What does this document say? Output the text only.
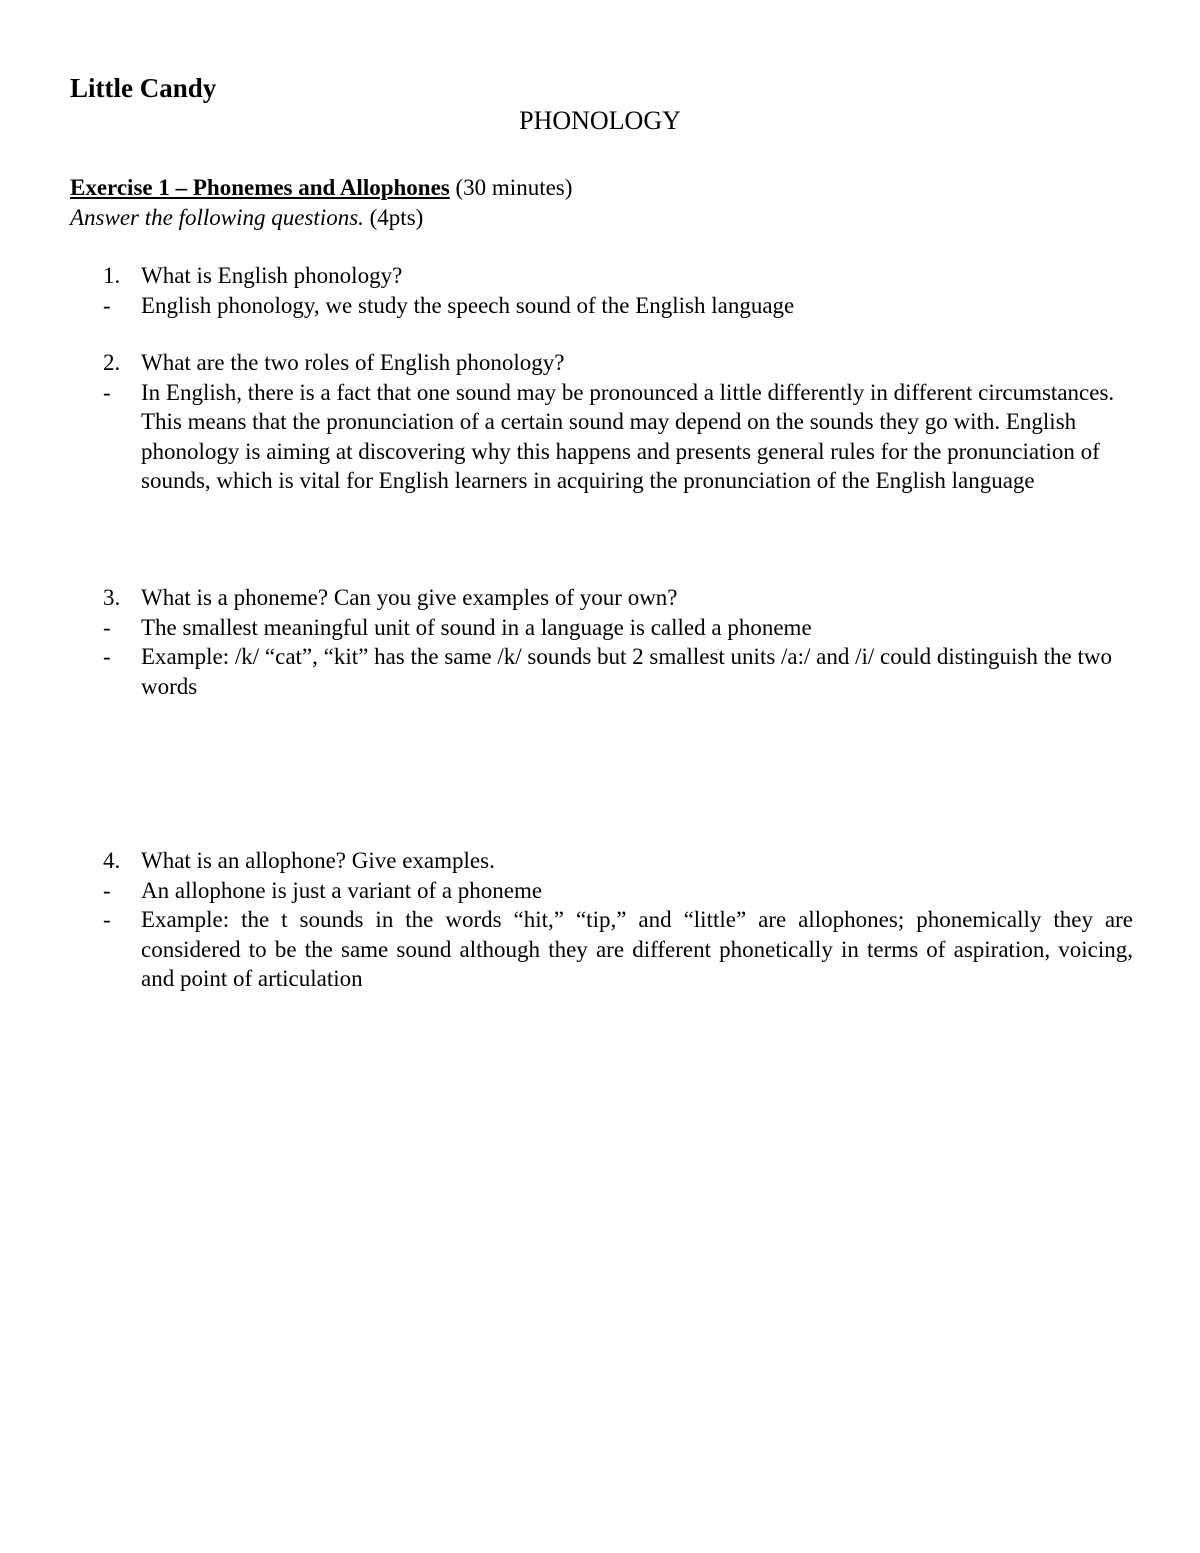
Little Candy
PHONOLOGY
Exercise 1 – Phonemes and Allophones (30 minutes)
Answer the following questions. (4pts)
1. What is English phonology?
-	English phonology, we study the speech sound of the English language
2. What are the two roles of English phonology?
-	In English, there is a fact that one sound may be pronounced a little differently in different circumstances. This means that the pronunciation of a certain sound may depend on the sounds they go with. English phonology is aiming at discovering why this happens and presents general rules for the pronunciation of sounds, which is vital for English learners in acquiring the pronunciation of the English language
3. What is a phoneme? Can you give examples of your own?
-	The smallest meaningful unit of sound in a language is called a phoneme
-	Example: /k/ “cat”, “kit” has the same /k/ sounds but 2 smallest units /a:/ and /i/ could distinguish the two words
4. What is an allophone? Give examples.
-	An allophone is just a variant of a phoneme
-	Example: the t sounds in the words “hit,” “tip,” and “little” are allophones; phonemically they are considered to be the same sound although they are different phonetically in terms of aspiration, voicing, and point of articulation
